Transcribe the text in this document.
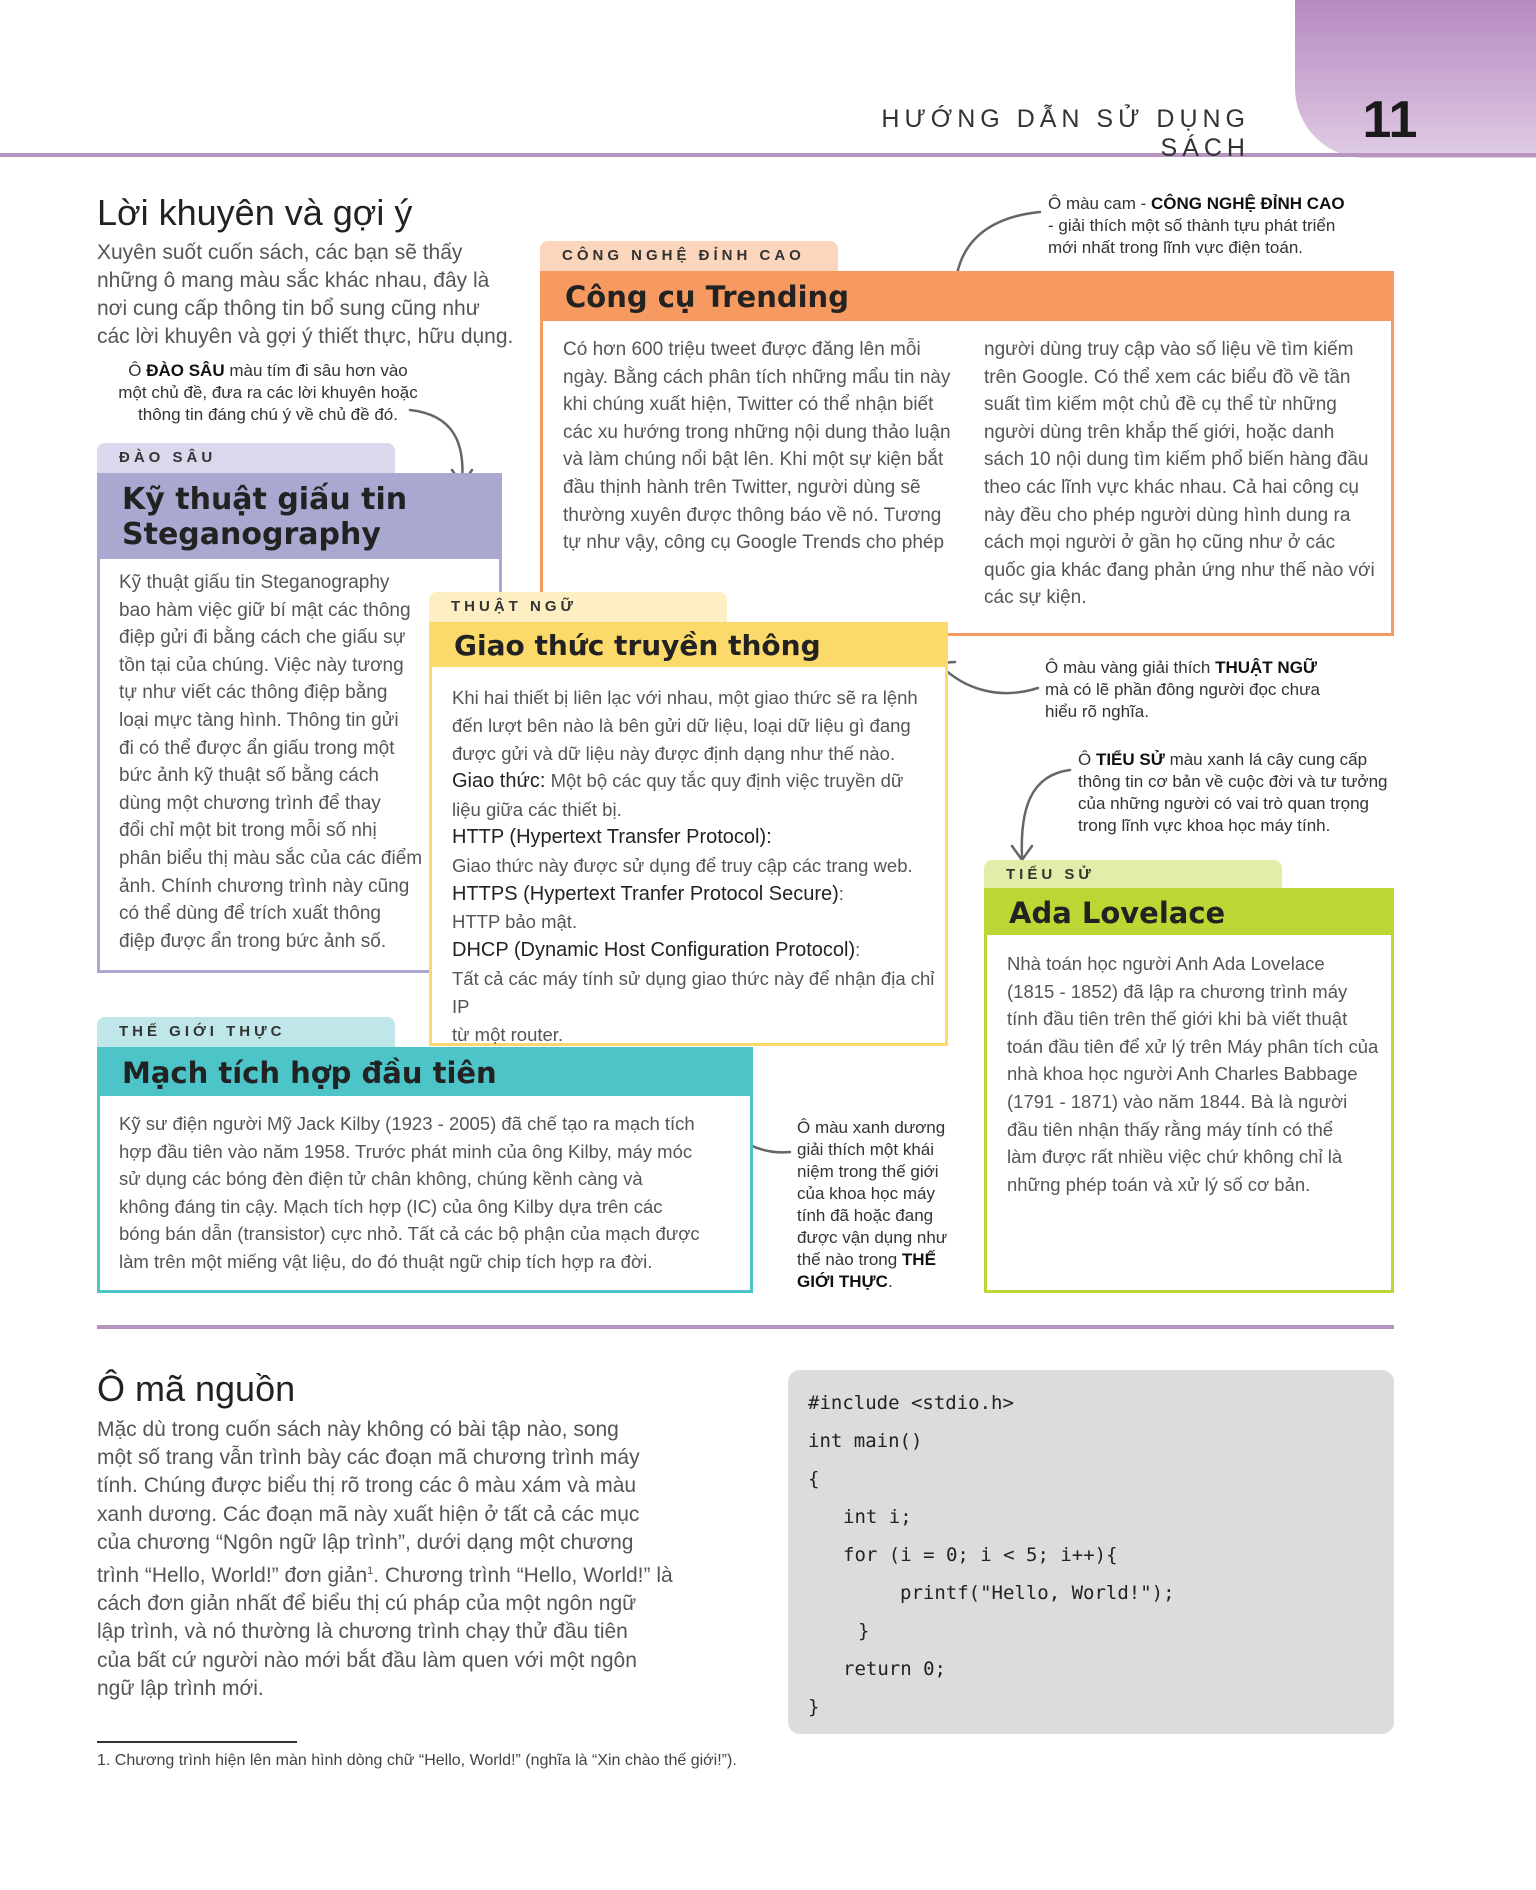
HƯỚNG DẪN SỬ DỤNG SÁCH	11
Lời khuyên và gợi ý
Xuyên suốt cuốn sách, các bạn sẽ thấy
những ô mang màu sắc khác nhau, đây là
nơi cung cấp thông tin bổ sung cũng như
các lời khuyên và gợi ý thiết thực, hữu dụng.
Ô ĐÀO SÂU màu tím đi sâu hơn vào
một chủ đề, đưa ra các lời khuyên hoặc
thông tin đáng chú ý về chủ đề đó.
Ô màu cam - CÔNG NGHỆ ĐỈNH CAO
- giải thích một số thành tựu phát triển
mới nhất trong lĩnh vực điện toán.
Ô màu vàng giải thích THUẬT NGỮ
mà có lẽ phần đông người đọc chưa
hiểu rõ nghĩa.
Ô TIỂU SỬ màu xanh lá cây cung cấp
thông tin cơ bản về cuộc đời và tư tưởng
của những người có vai trò quan trọng
trong lĩnh vực khoa học máy tính.
Ô màu xanh dương
giải thích một khái
niệm trong thế giới
của khoa học máy
tính đã hoặc đang
được vận dụng như
thế nào trong THẾ
GIỚI THỰC.
ĐÀO SÂU
Kỹ thuật giấu tin
Steganography
Kỹ thuật giấu tin Steganography
bao hàm việc giữ bí mật các thông
điệp gửi đi bằng cách che giấu sự
tồn tại của chúng. Việc này tương
tự như viết các thông điệp bằng
loại mực tàng hình. Thông tin gửi
đi có thể được ẩn giấu trong một
bức ảnh kỹ thuật số bằng cách
dùng một chương trình để thay
đổi chỉ một bit trong mỗi số nhị
phân biểu thị màu sắc của các điểm
ảnh. Chính chương trình này cũng
có thể dùng để trích xuất thông
điệp được ẩn trong bức ảnh số.
CÔNG NGHỆ ĐỈNH CAO
Công cụ Trending
Có hơn 600 triệu tweet được đăng lên mỗi
ngày. Bằng cách phân tích những mẩu tin này
khi chúng xuất hiện, Twitter có thể nhận biết
các xu hướng trong những nội dung thảo luận
và làm chúng nổi bật lên. Khi một sự kiện bắt
đầu thịnh hành trên Twitter, người dùng sẽ
thường xuyên được thông báo về nó. Tương
tự như vậy, công cụ Google Trends cho phép
người dùng truy cập vào số liệu về tìm kiếm
trên Google. Có thể xem các biểu đồ về tần
suất tìm kiếm một chủ đề cụ thể từ những
người dùng trên khắp thế giới, hoặc danh
sách 10 nội dung tìm kiếm phổ biến hàng đầu
theo các lĩnh vực khác nhau. Cả hai công cụ
này đều cho phép người dùng hình dung ra
cách mọi người ở gần họ cũng như ở các
quốc gia khác đang phản ứng như thế nào với
các sự kiện.
THUẬT NGỮ
Giao thức truyền thông
Khi hai thiết bị liên lạc với nhau, một giao thức sẽ ra lệnh
đến lượt bên nào là bên gửi dữ liệu, loại dữ liệu gì đang
được gửi và dữ liệu này được định dạng như thế nào.
Giao thức: Một bộ các quy tắc quy định việc truyền dữ
liệu giữa các thiết bị.
HTTP (Hypertext Transfer Protocol):
Giao thức này được sử dụng để truy cập các trang web.
HTTPS (Hypertext Tranfer Protocol Secure):
HTTP bảo mật.
DHCP (Dynamic Host Configuration Protocol):
Tất cả các máy tính sử dụng giao thức này để nhận địa chỉ IP
từ một router.
THẾ GIỚI THỰC
Mạch tích hợp đầu tiên
Kỹ sư điện người Mỹ Jack Kilby (1923 - 2005) đã chế tạo ra mạch tích
hợp đầu tiên vào năm 1958. Trước phát minh của ông Kilby, máy móc
sử dụng các bóng đèn điện tử chân không, chúng kềnh càng và
không đáng tin cậy. Mạch tích hợp (IC) của ông Kilby dựa trên các
bóng bán dẫn (transistor) cực nhỏ. Tất cả các bộ phận của mạch được
làm trên một miếng vật liệu, do đó thuật ngữ chip tích hợp ra đời.
TIỂU SỬ
Ada Lovelace
Nhà toán học người Anh Ada Lovelace
(1815 - 1852) đã lập ra chương trình máy
tính đầu tiên trên thế giới khi bà viết thuật
toán đầu tiên để xử lý trên Máy phân tích của
nhà khoa học người Anh Charles Babbage
(1791 - 1871) vào năm 1844. Bà là người
đầu tiên nhận thấy rằng máy tính có thể
làm được rất nhiều việc chứ không chỉ là
những phép toán và xử lý số cơ bản.
Ô mã nguồn
Mặc dù trong cuốn sách này không có bài tập nào, song
một số trang vẫn trình bày các đoạn mã chương trình máy
tính. Chúng được biểu thị rõ trong các ô màu xám và màu
xanh dương. Các đoạn mã này xuất hiện ở tất cả các mục
của chương “Ngôn ngữ lập trình”, dưới dạng một chương
trình “Hello, World!” đơn giản$^1$. Chương trình “Hello, World!” là
cách đơn giản nhất để biểu thị cú pháp của một ngôn ngữ
lập trình, và nó thường là chương trình chạy thử đầu tiên
của bất cứ người nào mới bắt đầu làm quen với một ngôn
ngữ lập trình mới.
#include <stdio.h>
int main()
{
int i;
for (i = 0; i < 5; i++){
printf("Hello, World!");
}
return 0;
}
1. Chương trình hiện lên màn hình dòng chữ “Hello, World!” (nghĩa là “Xin chào thế giới!”).
